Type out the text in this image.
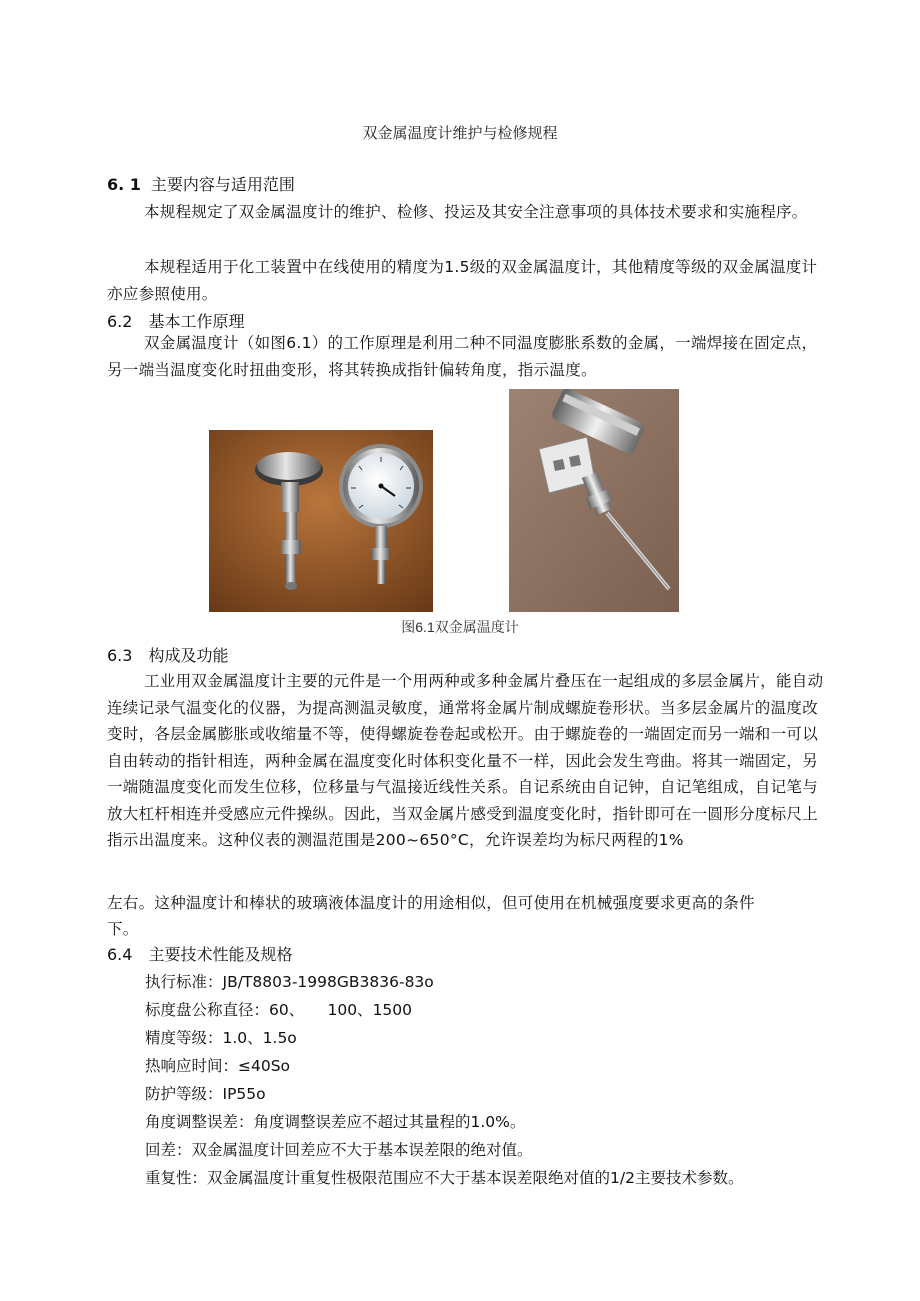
双金属温度计维护与检修规程
6. 1 主要内容与适用范围
本规程规定了双金属温度计的维护、检修、投运及其安全注意事项的具体技术要求和实施程序。
本规程适用于化工装置中在线使用的精度为1.5级的双金属温度计，其他精度等级的双金属温度计亦应参照使用。
6.2 基本工作原理
双金属温度计（如图6.1）的工作原理是利用二种不同温度膨胀系数的金属，一端焊接在固定点，另一端当温度变化时扭曲变形，将其转换成指针偏转角度，指示温度。
图6.1双金属温度计
6.3 构成及功能
工业用双金属温度计主要的元件是一个用两种或多种金属片叠压在一起组成的多层金属片，能自动连续记录气温变化的仪器，为提高测温灵敏度，通常将金属片制成螺旋卷形状。当多层金属片的温度改变时，各层金属膨胀或收缩量不等，使得螺旋卷卷起或松开。由于螺旋卷的一端固定而另一端和一可以自由转动的指针相连，两种金属在温度变化时体积变化量不一样，因此会发生弯曲。将其一端固定，另一端随温度变化而发生位移，位移量与气温接近线性关系。自记系统由自记钟，自记笔组成，自记笔与放大杠杆相连并受感应元件操纵。因此，当双金属片感受到温度变化时，指针即可在一圆形分度标尺上指示出温度来。这种仪表的测温范围是200~650°C，允许误差均为标尺两程的1%
左右。这种温度计和棒状的玻璃液体温度计的用途相似，但可使用在机械强度要求更高的条件
下。
6.4 主要技术性能及规格
执行标准：JB/T8803-1998GB3836-83o
标度盘公称直径：60、　　100、1500
精度等级：1.0、1.5o
热响应时间：≤40So
防护等级：IP55o
角度调整误差：角度调整误差应不超过其量程的1.0%。
回差：双金属温度计回差应不大于基本误差限的绝对值。
重复性：双金属温度计重复性极限范围应不大于基本误差限绝对值的1/2主要技术参数。
